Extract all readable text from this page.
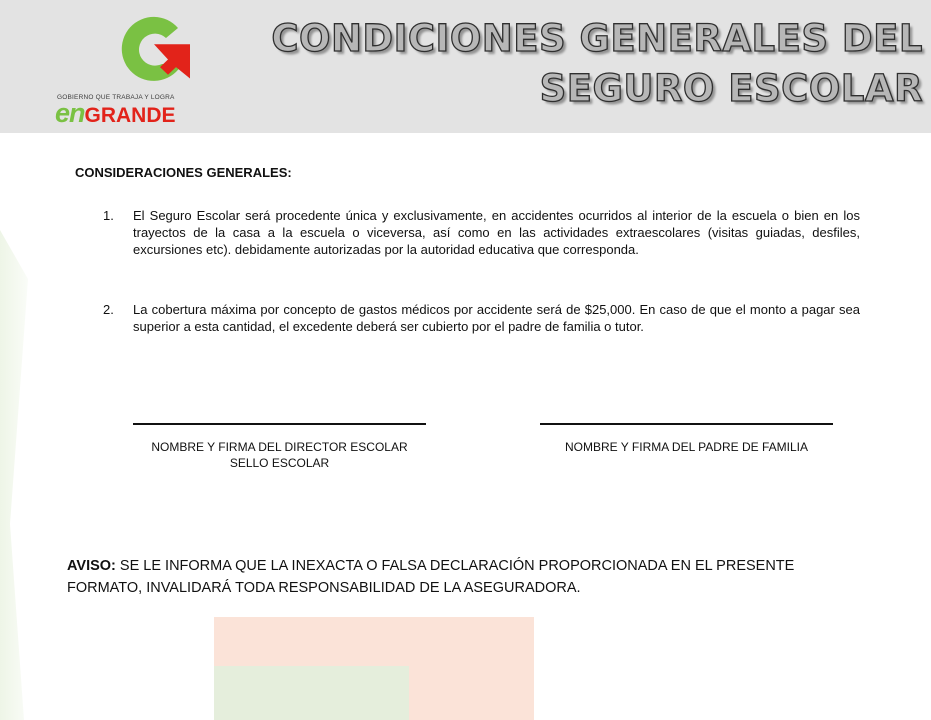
GOBIERNO QUE TRABAJA Y LOGRA
enGRANDE
CONDICIONES GENERALES DEL
SEGURO ESCOLAR
CONSIDERACIONES GENERALES:
1. El Seguro Escolar será procedente única y exclusivamente, en accidentes ocurridos al interior de la escuela o bien en los trayectos de la casa a la escuela o viceversa, así como en las actividades extraescolares (visitas guiadas, desfiles, excursiones etc). debidamente autorizadas por la autoridad educativa que corresponda.
2. La cobertura máxima por concepto de gastos médicos por accidente será de $25,000. En caso de que el monto a pagar sea superior a esta cantidad, el excedente deberá ser cubierto por el padre de familia o tutor.
NOMBRE Y FIRMA DEL DIRECTOR ESCOLAR
SELLO ESCOLAR
NOMBRE Y FIRMA DEL PADRE DE FAMILIA
AVISO: SE LE INFORMA QUE LA INEXACTA O FALSA DECLARACIÓN PROPORCIONADA EN EL PRESENTE FORMATO, INVALIDARÁ TODA RESPONSABILIDAD DE LA ASEGURADORA.
